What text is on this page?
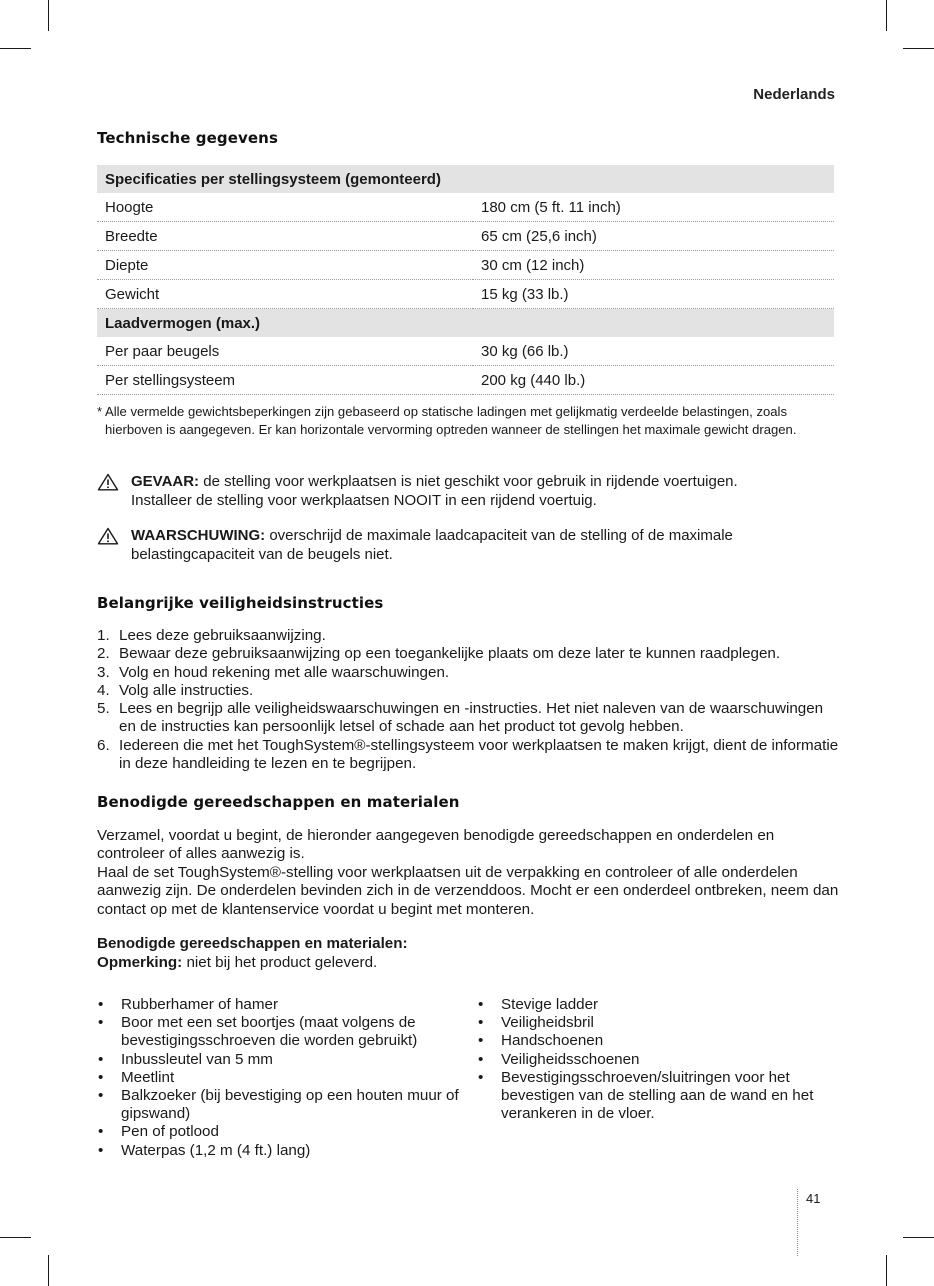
Nederlands
Technische gegevens
Specificaties per stellingsysteem (gemonteerd)	
Hoogte	180 cm (5 ft. 11 inch)
Breedte	65 cm (25,6 inch)
Diepte	30 cm (12 inch)
Gewicht	15 kg (33 lb.)
Laadvermogen (max.)	
Per paar beugels	30 kg (66 lb.)
Per stellingsysteem	200 kg (440 lb.)
* Alle vermelde gewichtsbeperkingen zijn gebaseerd op statische ladingen met gelijkmatig verdeelde belastingen, zoals
hierboven is aangegeven. Er kan horizontale vervorming optreden wanneer de stellingen het maximale gewicht dragen.
GEVAAR: de stelling voor werkplaatsen is niet geschikt voor gebruik in rijdende voertuigen.
Installeer de stelling voor werkplaatsen NOOIT in een rijdend voertuig.
WAARSCHUWING: overschrijd de maximale laadcapaciteit van de stelling of de maximale
belastingcapaciteit van de beugels niet.
Belangrijke veiligheidsinstructies
1. Lees deze gebruiksaanwijzing.
2. Bewaar deze gebruiksaanwijzing op een toegankelijke plaats om deze later te kunnen raadplegen.
3. Volg en houd rekening met alle waarschuwingen.
4. Volg alle instructies.
5. Lees en begrijp alle veiligheidswaarschuwingen en -instructies. Het niet naleven van de waarschuwingen en de instructies kan persoonlijk letsel of schade aan het product tot gevolg hebben.
6. Iedereen die met het ToughSystem®-stellingsysteem voor werkplaatsen te maken krijgt, dient de informatie in deze handleiding te lezen en te begrijpen.
Benodigde gereedschappen en materialen

Verzamel, voordat u begint, de hieronder aangegeven benodigde gereedschappen en onderdelen en controleer of alles aanwezig is.

Haal de set ToughSystem®-stelling voor werkplaatsen uit de verpakking en controleer of alle onderdelen aanwezig zijn. De onderdelen bevinden zich in de verzenddoos. Mocht er een onderdeel ontbreken, neem dan contact op met de klantenservice voordat u begint met monteren.

Benodigde gereedschappen en materialen:
Opmerking: niet bij het product geleverd.
• Rubberhamer of hamer
• Boor met een set boortjes (maat volgens de bevestigingsschroeven die worden gebruikt)
• Inbussleutel van 5 mm
• Meetlint
• Balkzoeker (bij bevestiging op een houten muur of gipswand)
• Pen of potlood
• Waterpas (1,2 m (4 ft.) lang)
• Stevige ladder
• Veiligheidsbril
• Handschoenen
• Veiligheidsschoenen
• Bevestigingsschroeven/sluitringen voor het bevestigen van de stelling aan de wand en het verankeren in de vloer.
41
